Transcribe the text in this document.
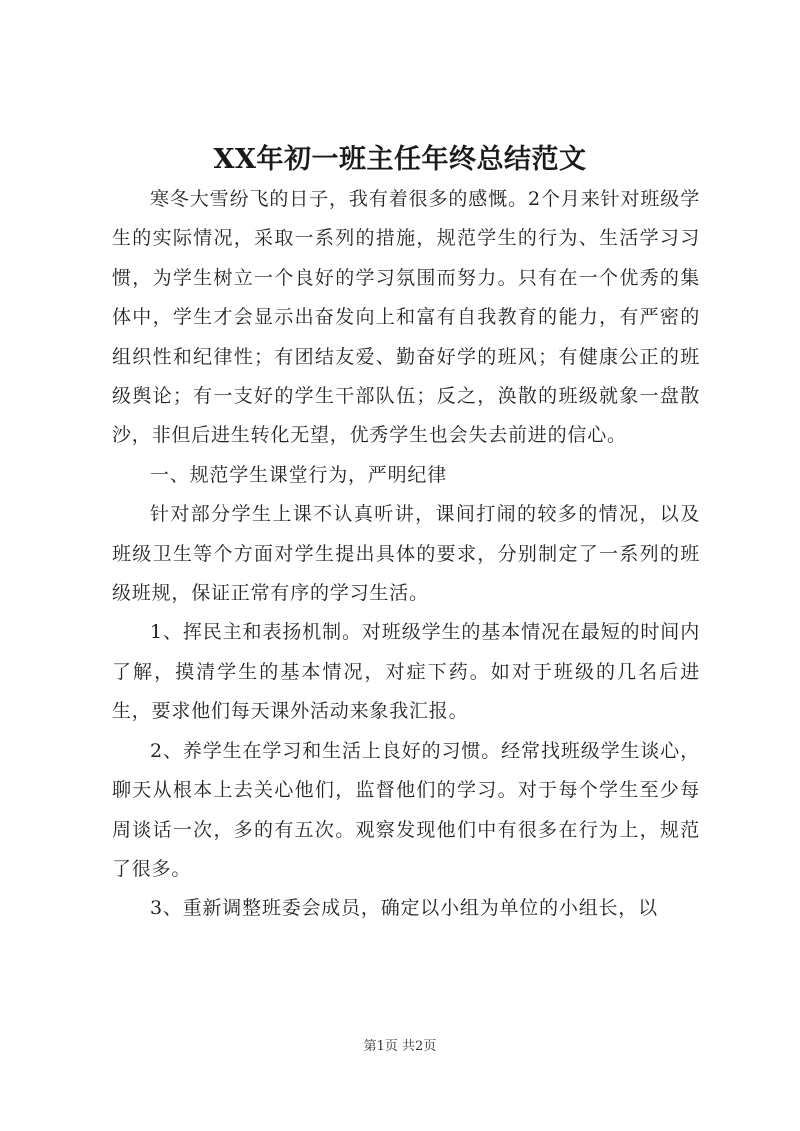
XX年初一班主任年终总结范文

寒冬大雪纷飞的日子，我有着很多的感慨。2个月来针对班级学生的实际情况，采取一系列的措施，规范学生的行为、生活学习习惯，为学生树立一个良好的学习氛围而努力。只有在一个优秀的集体中，学生才会显示出奋发向上和富有自我教育的能力，有严密的组织性和纪律性；有团结友爱、勤奋好学的班风；有健康公正的班级舆论；有一支好的学生干部队伍；反之，涣散的班级就象一盘散沙，非但后进生转化无望，优秀学生也会失去前进的信心。

一、规范学生课堂行为，严明纪律

针对部分学生上课不认真听讲，课间打闹的较多的情况，以及班级卫生等个方面对学生提出具体的要求，分别制定了一系列的班级班规，保证正常有序的学习生活。

1、挥民主和表扬机制。对班级学生的基本情况在最短的时间内了解，摸清学生的基本情况，对症下药。如对于班级的几名后进生，要求他们每天课外活动来象我汇报。

2、养学生在学习和生活上良好的习惯。经常找班级学生谈心，聊天从根本上去关心他们，监督他们的学习。对于每个学生至少每周谈话一次，多的有五次。观察发现他们中有很多在行为上，规范了很多。

3、重新调整班委会成员，确定以小组为单位的小组长，以

第1页 共2页
